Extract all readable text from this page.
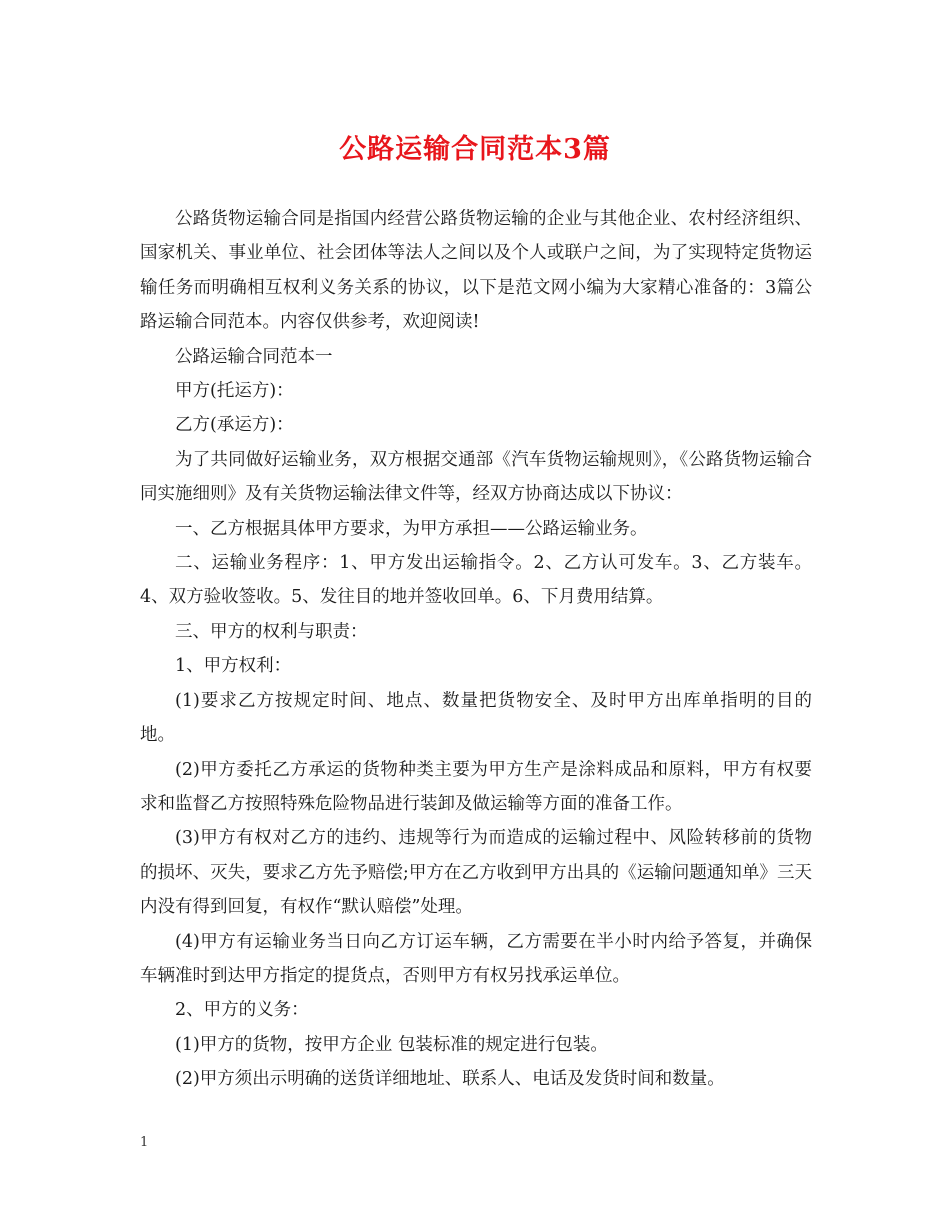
公路运输合同范本3篇

公路货物运输合同是指国内经营公路货物运输的企业与其他企业、农村经济组织、国家机关、事业单位、社会团体等法人之间以及个人或联户之间，为了实现特定货物运输任务而明确相互权利义务关系的协议，以下是范文网小编为大家精心准备的：3篇公路运输合同范本。内容仅供参考，欢迎阅读!

公路运输合同范本一

甲方(托运方)：

乙方(承运方)：

为了共同做好运输业务，双方根据交通部《汽车货物运输规则》，《公路货物运输合同实施细则》及有关货物运输法律文件等，经双方协商达成以下协议：

一、乙方根据具体甲方要求，为甲方承担——公路运输业务。

二、运输业务程序：1、甲方发出运输指令。2、乙方认可发车。3、乙方装车。4、双方验收签收。5、发往目的地并签收回单。6、下月费用结算。

三、甲方的权利与职责：

1、甲方权利：

(1)要求乙方按规定时间、地点、数量把货物安全、及时甲方出库单指明的目的地。

(2)甲方委托乙方承运的货物种类主要为甲方生产是涂料成品和原料，甲方有权要求和监督乙方按照特殊危险物品进行装卸及做运输等方面的准备工作。

(3)甲方有权对乙方的违约、违规等行为而造成的运输过程中、风险转移前的货物的损坏、灭失，要求乙方先予赔偿;甲方在乙方收到甲方出具的《运输问题通知单》三天内没有得到回复，有权作“默认赔偿”处理。

(4)甲方有运输业务当日向乙方订运车辆，乙方需要在半小时内给予答复，并确保车辆准时到达甲方指定的提货点，否则甲方有权另找承运单位。

2、甲方的义务：

(1)甲方的货物，按甲方企业 包装标准的规定进行包装。

(2)甲方须出示明确的送货详细地址、联系人、电话及发货时间和数量。

1
